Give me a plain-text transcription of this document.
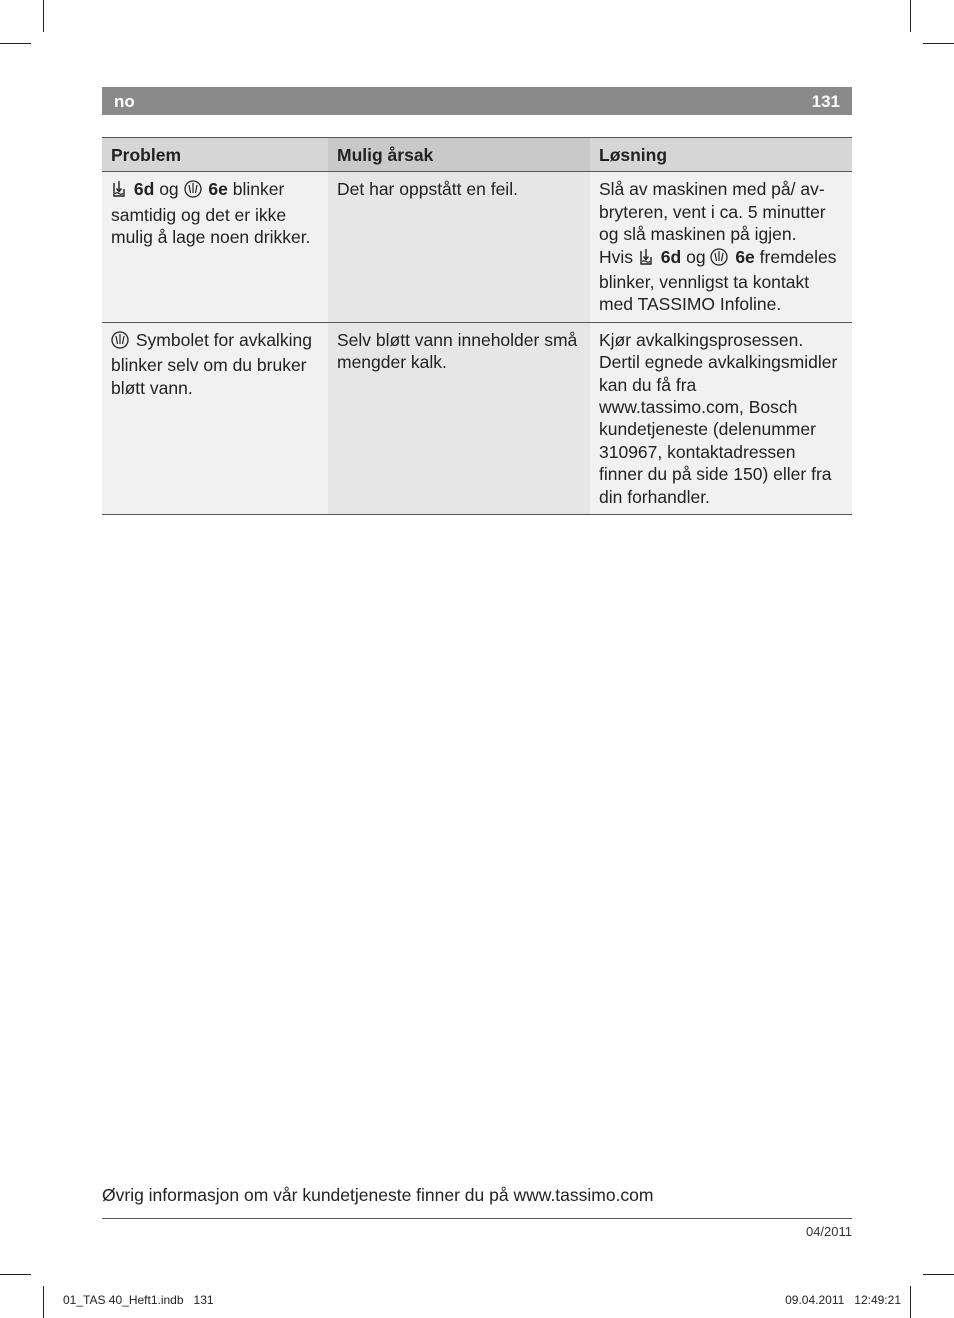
no	131
Problem	Mulig årsak	Løsning
6d og 6e blinker samtidig og det er ikke mulig å lage noen drikker.	Det har oppstått en feil.	Slå av maskinen med på/ av-bryteren, vent i ca. 5 minutter og slå maskinen på igjen.
Hvis 6d og 6e fremdeles blinker, vennligst ta kontakt med TASSIMO Infoline.
Symbolet for avkalking blinker selv om du bruker bløtt vann.	Selv bløtt vann inneholder små mengder kalk.	Kjør avkalkingsprosessen. Dertil egnede avkalkingsmidler kan du få fra www.tassimo.com, Bosch kundetjeneste (delenummer 310967, kontaktadressen finner du på side 150) eller fra din forhandler.
Øvrig informasjon om vår kundetjeneste finner du på www.tassimo.com
04/2011
01_TAS 40_Heft1.indb   131	09.04.2011   12:49:21
